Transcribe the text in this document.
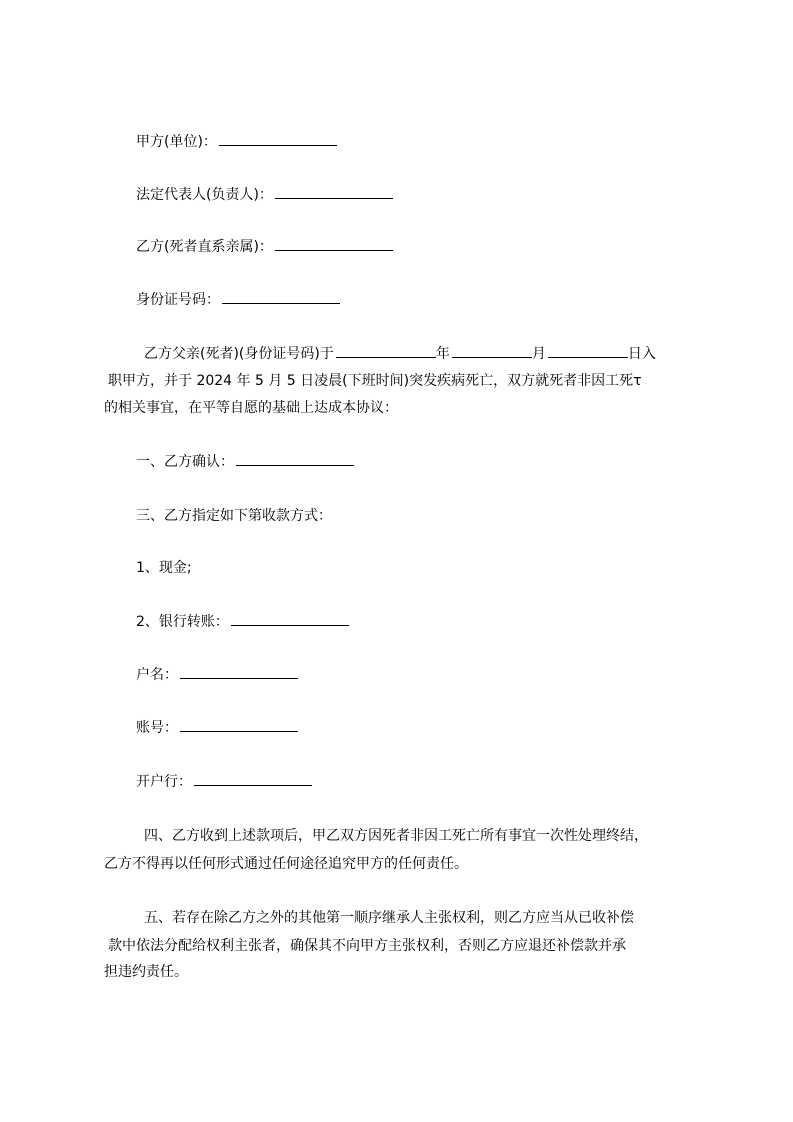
甲方(单位)：
法定代表人(负责人)：
乙方(死者直系亲属)：
身份证号码：
乙方父亲(死者)(身份证号码)于	年	月	日入
职甲方，并于 2024 年 5 月 5 日凌晨(下班时间)突发疾病死亡，双方就死者非因工死τ
的相关事宜，在平等自愿的基础上达成本协议：
一、乙方确认：
三、乙方指定如下第收款方式：
1、现金;
2、银行转账：
户名：
账号：
开户行：
四、乙方收到上述款项后，甲乙双方因死者非因工死亡所有事宜一次性处理终结，
乙方不得再以任何形式通过任何途径追究甲方的任何责任。
五、若存在除乙方之外的其他第一顺序继承人主张权利，则乙方应当从已收补偿
款中依法分配给权利主张者，确保其不向甲方主张权利，否则乙方应退还补偿款并承
担违约责任。
